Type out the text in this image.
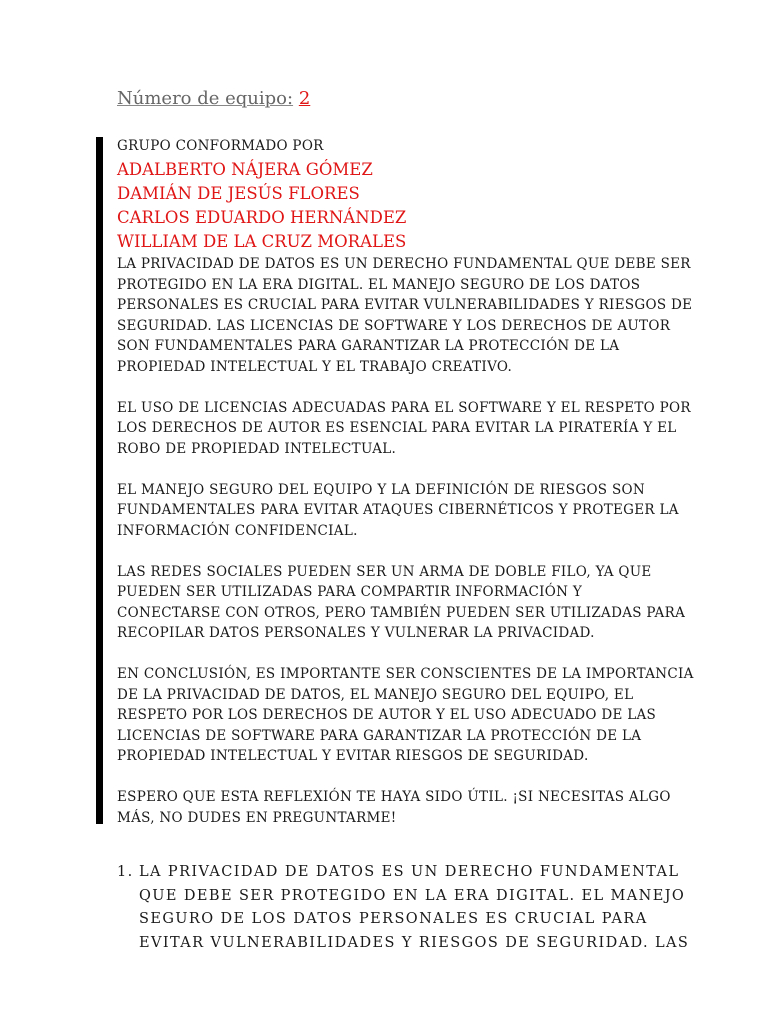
Número de equipo: 2
GRUPO CONFORMADO POR
ADALBERTO NÁJERA GÓMEZ
DAMIÁN DE JESÚS FLORES
CARLOS EDUARDO HERNÁNDEZ
WILLIAM DE LA CRUZ MORALES
LA PRIVACIDAD DE DATOS ES UN DERECHO FUNDAMENTAL QUE DEBE SER
PROTEGIDO EN LA ERA DIGITAL. EL MANEJO SEGURO DE LOS DATOS
PERSONALES ES CRUCIAL PARA EVITAR VULNERABILIDADES Y RIESGOS DE
SEGURIDAD. LAS LICENCIAS DE SOFTWARE Y LOS DERECHOS DE AUTOR
SON FUNDAMENTALES PARA GARANTIZAR LA PROTECCIÓN DE LA
PROPIEDAD INTELECTUAL Y EL TRABAJO CREATIVO.
EL USO DE LICENCIAS ADECUADAS PARA EL SOFTWARE Y EL RESPETO POR
LOS DERECHOS DE AUTOR ES ESENCIAL PARA EVITAR LA PIRATERÍA Y EL
ROBO DE PROPIEDAD INTELECTUAL.
EL MANEJO SEGURO DEL EQUIPO Y LA DEFINICIÓN DE RIESGOS SON
FUNDAMENTALES PARA EVITAR ATAQUES CIBERNÉTICOS Y PROTEGER LA
INFORMACIÓN CONFIDENCIAL.
LAS REDES SOCIALES PUEDEN SER UN ARMA DE DOBLE FILO, YA QUE
PUEDEN SER UTILIZADAS PARA COMPARTIR INFORMACIÓN Y
CONECTARSE CON OTROS, PERO TAMBIÉN PUEDEN SER UTILIZADAS PARA
RECOPILAR DATOS PERSONALES Y VULNERAR LA PRIVACIDAD.
EN CONCLUSIÓN, ES IMPORTANTE SER CONSCIENTES DE LA IMPORTANCIA
DE LA PRIVACIDAD DE DATOS, EL MANEJO SEGURO DEL EQUIPO, EL
RESPETO POR LOS DERECHOS DE AUTOR Y EL USO ADECUADO DE LAS
LICENCIAS DE SOFTWARE PARA GARANTIZAR LA PROTECCIÓN DE LA
PROPIEDAD INTELECTUAL Y EVITAR RIESGOS DE SEGURIDAD.
ESPERO QUE ESTA REFLEXIÓN TE HAYA SIDO ÚTIL. ¡SI NECESITAS ALGO
MÁS, NO DUDES EN PREGUNTARME!
1. LA PRIVACIDAD DE DATOS ES UN DERECHO FUNDAMENTAL
QUE DEBE SER PROTEGIDO EN LA ERA DIGITAL. EL MANEJO
SEGURO DE LOS DATOS PERSONALES ES CRUCIAL PARA
EVITAR VULNERABILIDADES Y RIESGOS DE SEGURIDAD. LAS
